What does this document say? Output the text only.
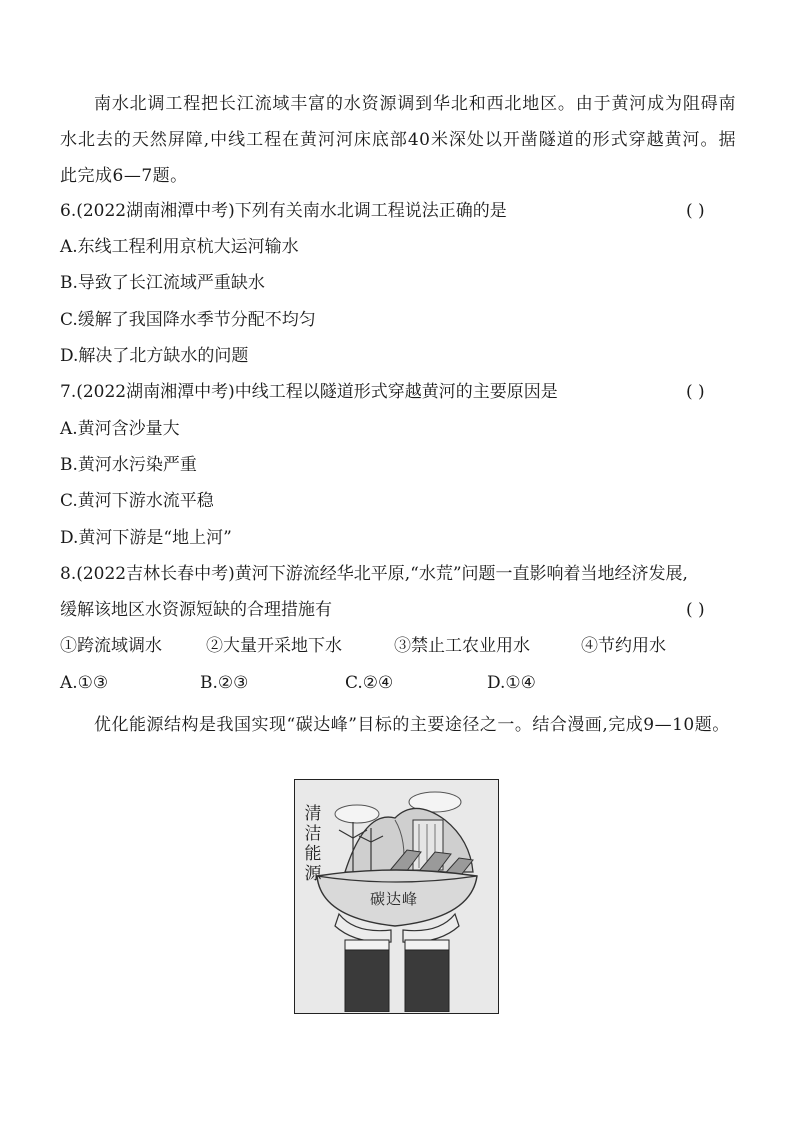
南水北调工程把长江流域丰富的水资源调到华北和西北地区。由于黄河成为阻碍南水北去的天然屏障,中线工程在黄河河床底部40米深处以开凿隧道的形式穿越黄河。据此完成6—7题。
6.(2022湖南湘潭中考)下列有关南水北调工程说法正确的是	( )
A.东线工程利用京杭大运河输水
B.导致了长江流域严重缺水
C.缓解了我国降水季节分配不均匀
D.解决了北方缺水的问题
7.(2022湖南湘潭中考)中线工程以隧道形式穿越黄河的主要原因是	( )
A.黄河含沙量大
B.黄河水污染严重
C.黄河下游水流平稳
D.黄河下游是“地上河”
8.(2022吉林长春中考)黄河下游流经华北平原,“水荒”问题一直影响着当地经济发展,
缓解该地区水资源短缺的合理措施有	( )
①跨流域调水	②大量开采地下水	③禁止工农业用水	④节约用水
A.①③	B.②③	C.②④	D.①④
优化能源结构是我国实现“碳达峰”目标的主要途径之一。结合漫画,完成9—10题。
清
洁
能
源
碳达峰
